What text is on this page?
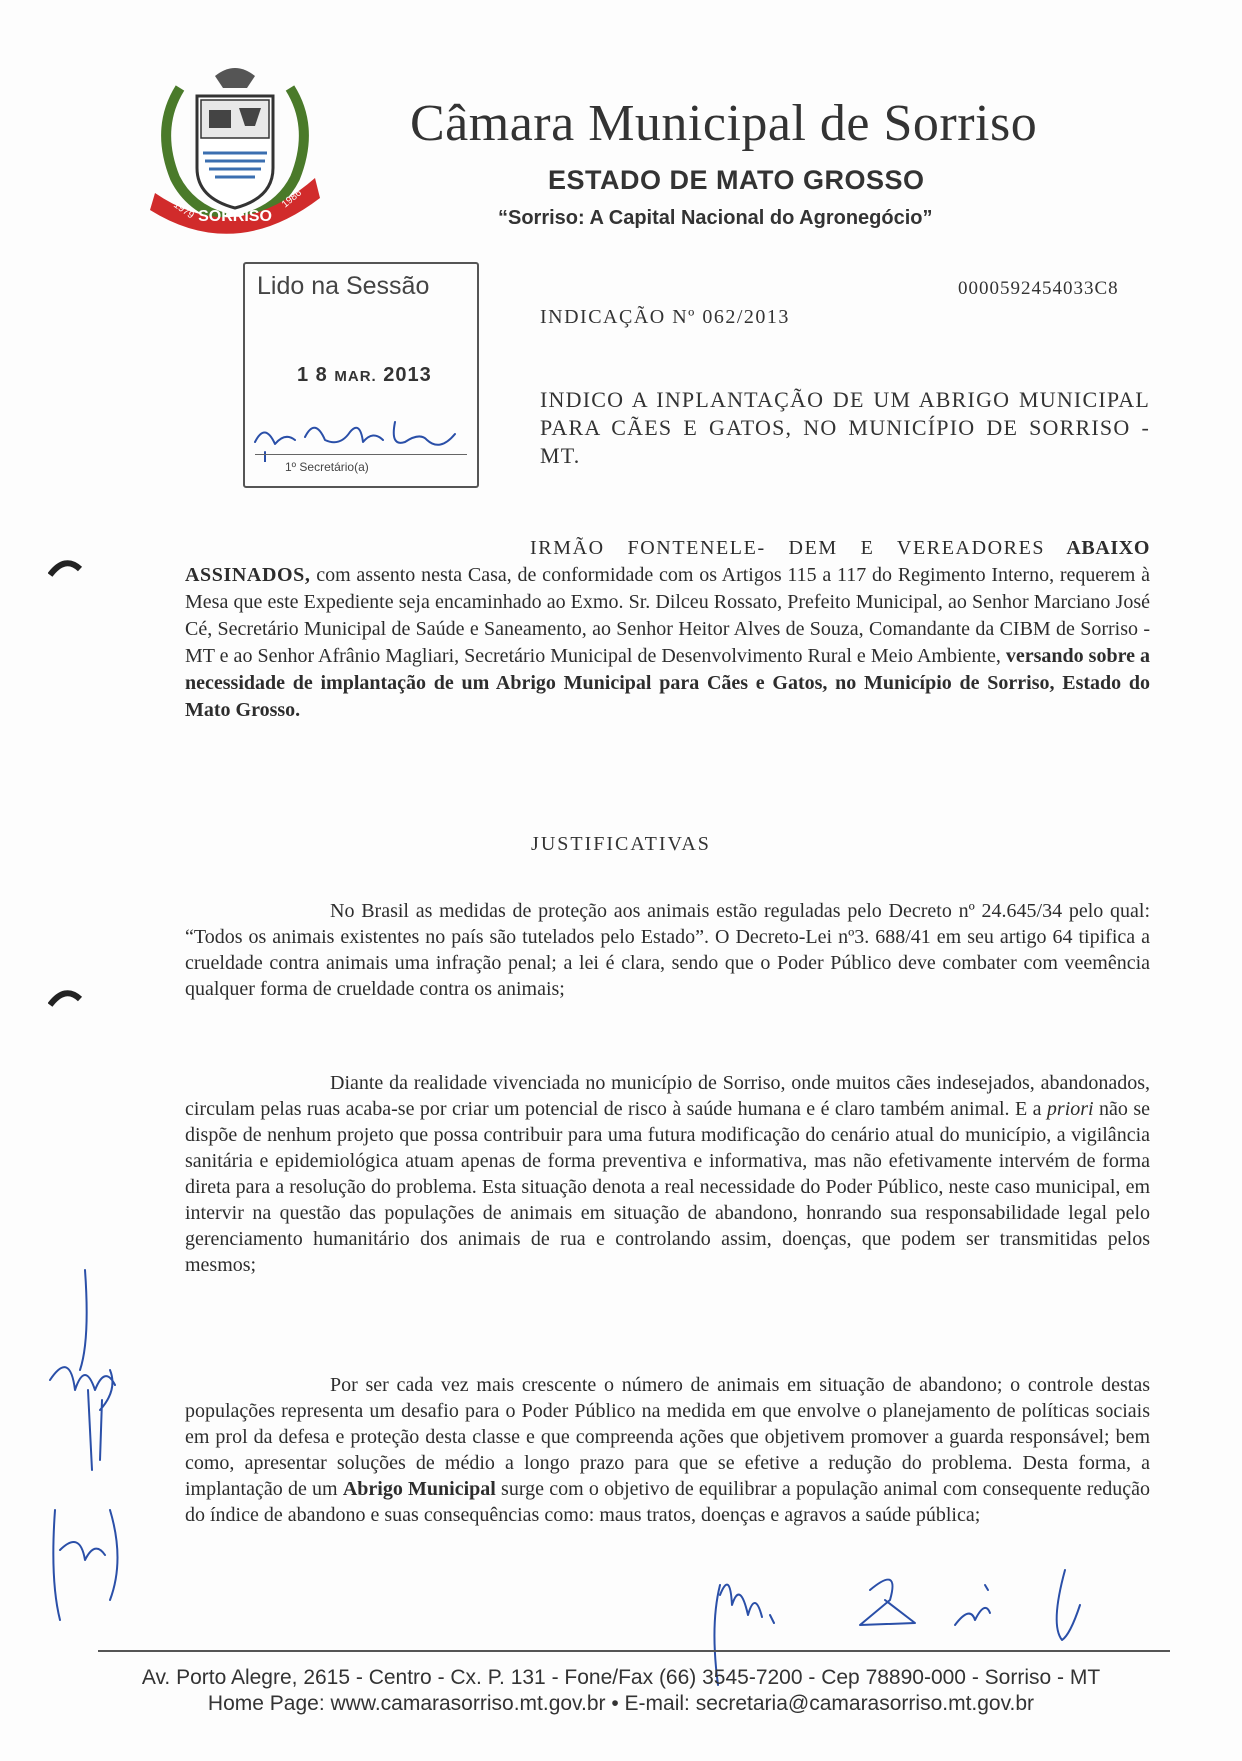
SORRISO
1979
1986
Câmara Municipal de Sorriso
ESTADO DE MATO GROSSO
“Sorriso: A Capital Nacional do Agronegócio”
Lido na Sessão
1 8 MAR. 2013
1º Secretário(a)
0000592454033C8
INDICAÇÃO Nº 062/2013
INDICO A INPLANTAÇÃO DE UM ABRIGO MUNICIPAL PARA CÃES E GATOS, NO MUNICÍPIO DE SORRISO - MT.
IRMÃO FONTENELE- DEM E VEREADORES ABAIXO ASSINADOS, com assento nesta Casa, de conformidade com os Artigos 115 a 117 do Regimento Interno, requerem à Mesa que este Expediente seja encaminhado ao Exmo. Sr. Dilceu Rossato, Prefeito Municipal, ao Senhor Marciano José Cé, Secretário Municipal de Saúde e Saneamento, ao Senhor Heitor Alves de Souza, Comandante da CIBM de Sorriso - MT e ao Senhor Afrânio Magliari, Secretário Municipal de Desenvolvimento Rural e Meio Ambiente, versando sobre a necessidade de implantação de um Abrigo Municipal para Cães e Gatos, no Município de Sorriso, Estado do Mato Grosso.
JUSTIFICATIVAS
No Brasil as medidas de proteção aos animais estão reguladas pelo Decreto nº 24.645/34 pelo qual: “Todos os animais existentes no país são tutelados pelo Estado”. O Decreto-Lei nº3. 688/41 em seu artigo 64 tipifica a crueldade contra animais uma infração penal; a lei é clara, sendo que o Poder Público deve combater com veemência qualquer forma de crueldade contra os animais;
Diante da realidade vivenciada no município de Sorriso, onde muitos cães indesejados, abandonados, circulam pelas ruas acaba-se por criar um potencial de risco à saúde humana e é claro também animal. E a priori não se dispõe de nenhum projeto que possa contribuir para uma futura modificação do cenário atual do município, a vigilância sanitária e epidemiológica atuam apenas de forma preventiva e informativa, mas não efetivamente intervém de forma direta para a resolução do problema. Esta situação denota a real necessidade do Poder Público, neste caso municipal, em intervir na questão das populações de animais em situação de abandono, honrando sua responsabilidade legal pelo gerenciamento humanitário dos animais de rua e controlando assim, doenças, que podem ser transmitidas pelos mesmos;
Por ser cada vez mais crescente o número de animais em situação de abandono; o controle destas populações representa um desafio para o Poder Público na medida em que envolve o planejamento de políticas sociais em prol da defesa e proteção desta classe e que compreenda ações que objetivem promover a guarda responsável; bem como, apresentar soluções de médio a longo prazo para que se efetive a redução do problema. Desta forma, a implantação de um Abrigo Municipal surge com o objetivo de equilibrar a população animal com consequente redução do índice de abandono e suas consequências como: maus tratos, doenças e agravos a saúde pública;
Av. Porto Alegre, 2615 - Centro - Cx. P. 131 - Fone/Fax (66) 3545-7200 - Cep 78890-000 - Sorriso - MT
Home Page: www.camarasorriso.mt.gov.br • E-mail: secretaria@camarasorriso.mt.gov.br
